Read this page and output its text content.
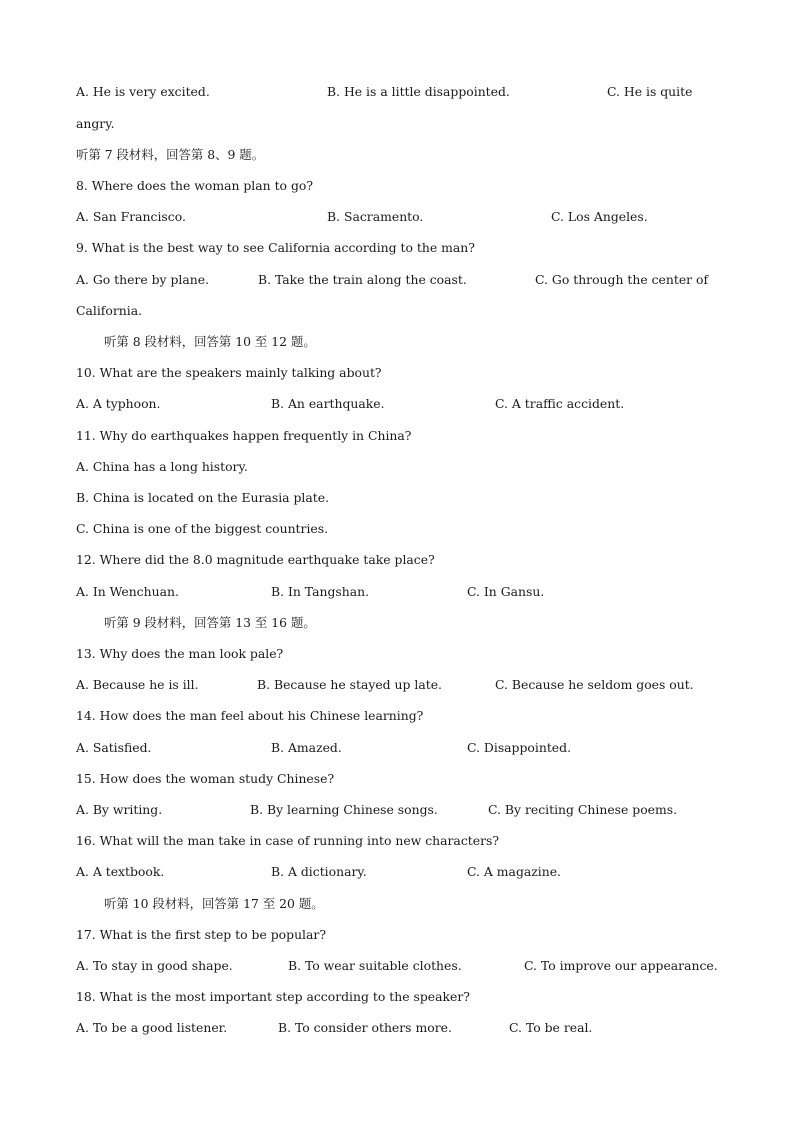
A. He is very excited.	B. He is a little disappointed.	C. He is quite
angry.
听第 7 段材料，回答第 8、9 题。
8. Where does the woman plan to go?
A. San Francisco.	B. Sacramento.	C. Los Angeles.
9. What is the best way to see California according to the man?
A. Go there by plane.	B. Take the train along the coast.	C. Go through the center of
California.
听第 8 段材料，回答第 10 至 12 题。
10. What are the speakers mainly talking about?
A. A typhoon.	B. An earthquake.	C. A traffic accident.
11. Why do earthquakes happen frequently in China?
A. China has a long history.
B. China is located on the Eurasia plate.
C. China is one of the biggest countries.
12. Where did the 8.0 magnitude earthquake take place?
A. In Wenchuan.	B. In Tangshan.	C. In Gansu.
听第 9 段材料，回答第 13 至 16 题。
13. Why does the man look pale?
A. Because he is ill.	B. Because he stayed up late.	C. Because he seldom goes out.
14. How does the man feel about his Chinese learning?
A. Satisfied.	B. Amazed.	C. Disappointed.
15. How does the woman study Chinese?
A. By writing.	B. By learning Chinese songs.	C. By reciting Chinese poems.
16. What will the man take in case of running into new characters?
A. A textbook.	B. A dictionary.	C. A magazine.
听第 10 段材料，回答第 17 至 20 题。
17. What is the first step to be popular?
A. To stay in good shape.	B. To wear suitable clothes.	C. To improve our appearance.
18. What is the most important step according to the speaker?
A. To be a good listener.	B. To consider others more.	C. To be real.
